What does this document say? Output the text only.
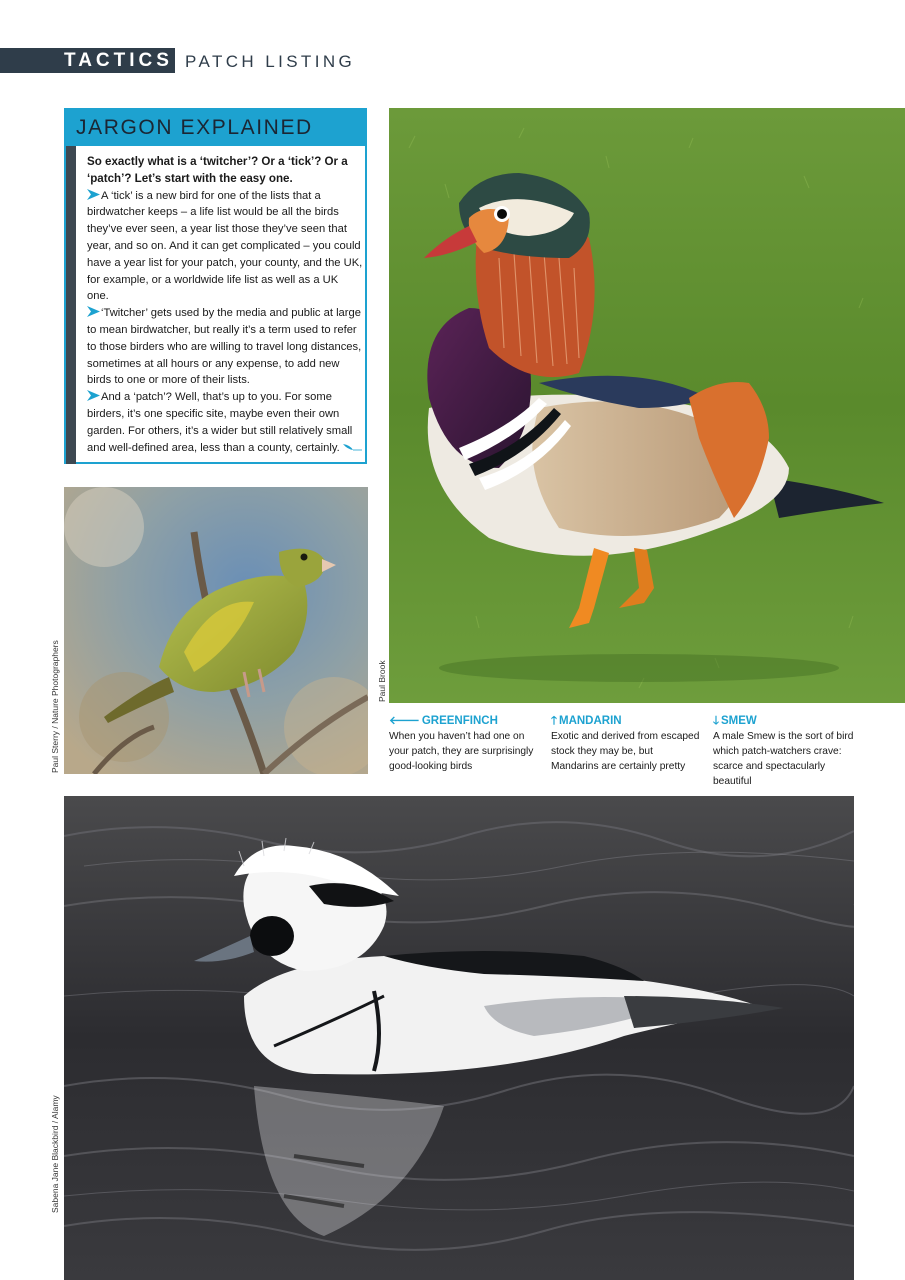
TACTICS PATCH LISTING
JARGON EXPLAINED

So exactly what is a ‘twitcher’? Or a ‘tick’? Or a ‘patch’? Let’s start with the easy one.

A ‘tick’ is a new bird for one of the lists that a birdwatcher keeps – a life list would be all the birds they’ve ever seen, a year list those they’ve seen that year, and so on. And it can get complicated – you could have a year list for your patch, your county, and the UK, for example, or a worldwide life list as well as a UK one.

‘Twitcher’ gets used by the media and public at large to mean birdwatcher, but really it’s a term used to refer to those birders who are willing to travel long distances, sometimes at all hours or any expense, to add new birds to one or more of their lists.

And a ‘patch’? Well, that’s up to you. For some birders, it’s one specific site, maybe even their own garden. For others, it’s a wider but still relatively small and well-defined area, less than a county, certainly.

Paul Sterry / Nature Photographers	Paul Brook
Sabena Jane Blackbird / Alamy
🡐 GREENFINCH
When you haven’t had one on your patch, they are surprisingly good-looking birds
🡑 MANDARIN
Exotic and derived from escaped stock they may be, but Mandarins are certainly pretty
🡓 SMEW
A male Smew is the sort of bird which patch-watchers crave: scarce and spectacularly beautiful
